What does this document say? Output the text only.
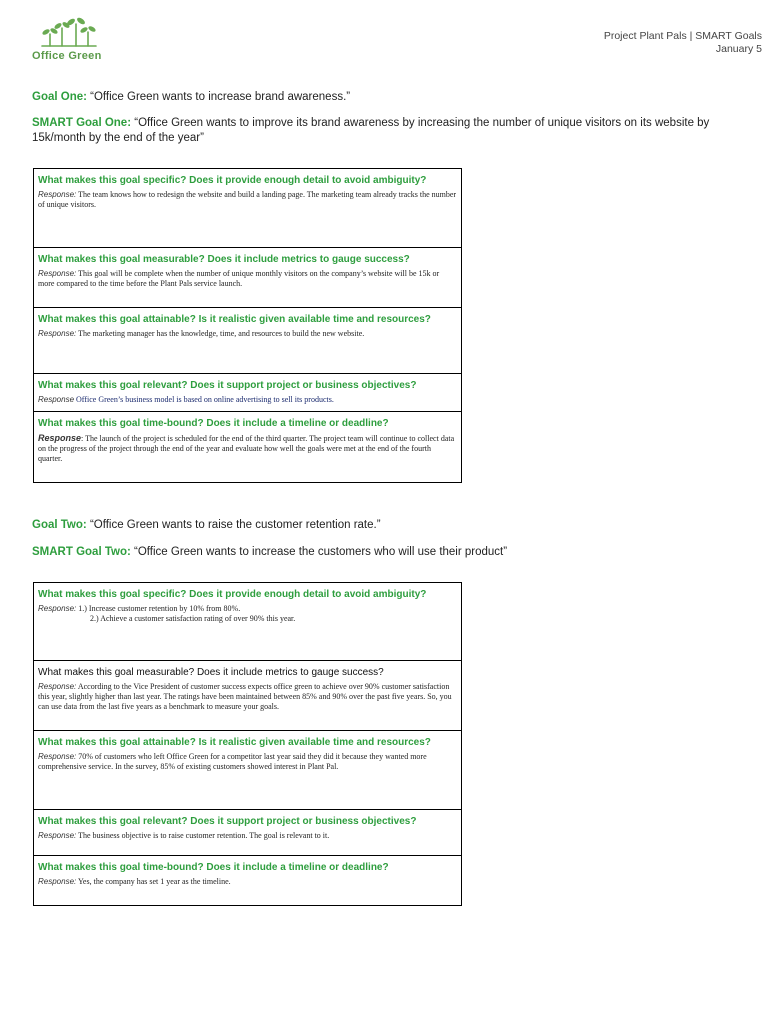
Office Green
Project Plant Pals | SMART Goals
January 5
Goal One: “Office Green wants to increase brand awareness.”
SMART Goal One: “Office Green wants to improve its brand awareness by increasing the number of unique visitors on its website by 15k/month by the end of the year”
What makes this goal specific? Does it provide enough detail to avoid ambiguity?
Response: The team knows how to redesign the website and build a landing page. The marketing team already tracks the number of unique visitors.
What makes this goal measurable? Does it include metrics to gauge success?
Response: This goal will be complete when the number of unique monthly visitors on the company’s website will be 15k or more compared to the time before the Plant Pals service launch.
What makes this goal attainable? Is it realistic given available time and resources?
Response: The marketing manager has the knowledge, time, and resources to build the new website.
What makes this goal relevant? Does it support project or business objectives?
Response Office Green’s business model is based on online advertising to sell its products.
What makes this goal time-bound? Does it include a timeline or deadline?
Response: The launch of the project is scheduled for the end of the third quarter. The project team will continue to collect data on the progress of the project through the end of the year and evaluate how well the goals were met at the end of the fourth quarter.
Goal Two: “Office Green wants to raise the customer retention rate.”
SMART Goal Two: “Office Green wants to increase the customers who will use their product”
What makes this goal specific? Does it provide enough detail to avoid ambiguity?
Response: 1.) Increase customer retention by 10% from 80%.
2.) Achieve a customer satisfaction rating of over 90% this year.
What makes this goal measurable? Does it include metrics to gauge success?
Response: According to the Vice President of customer success expects office green to achieve over 90% customer satisfaction this year, slightly higher than last year. The ratings have been maintained between 85% and 90% over the past five years. So, you can use data from the last five years as a benchmark to measure your goals.
What makes this goal attainable? Is it realistic given available time and resources?
Response: 70% of customers who left Office Green for a competitor last year said they did it because they wanted more comprehensive service. In the survey, 85% of existing customers showed interest in Plant Pal.
What makes this goal relevant? Does it support project or business objectives?
Response: The business objective is to raise customer retention. The goal is relevant to it.
What makes this goal time-bound? Does it include a timeline or deadline?
Response: Yes, the company has set 1 year as the timeline.
